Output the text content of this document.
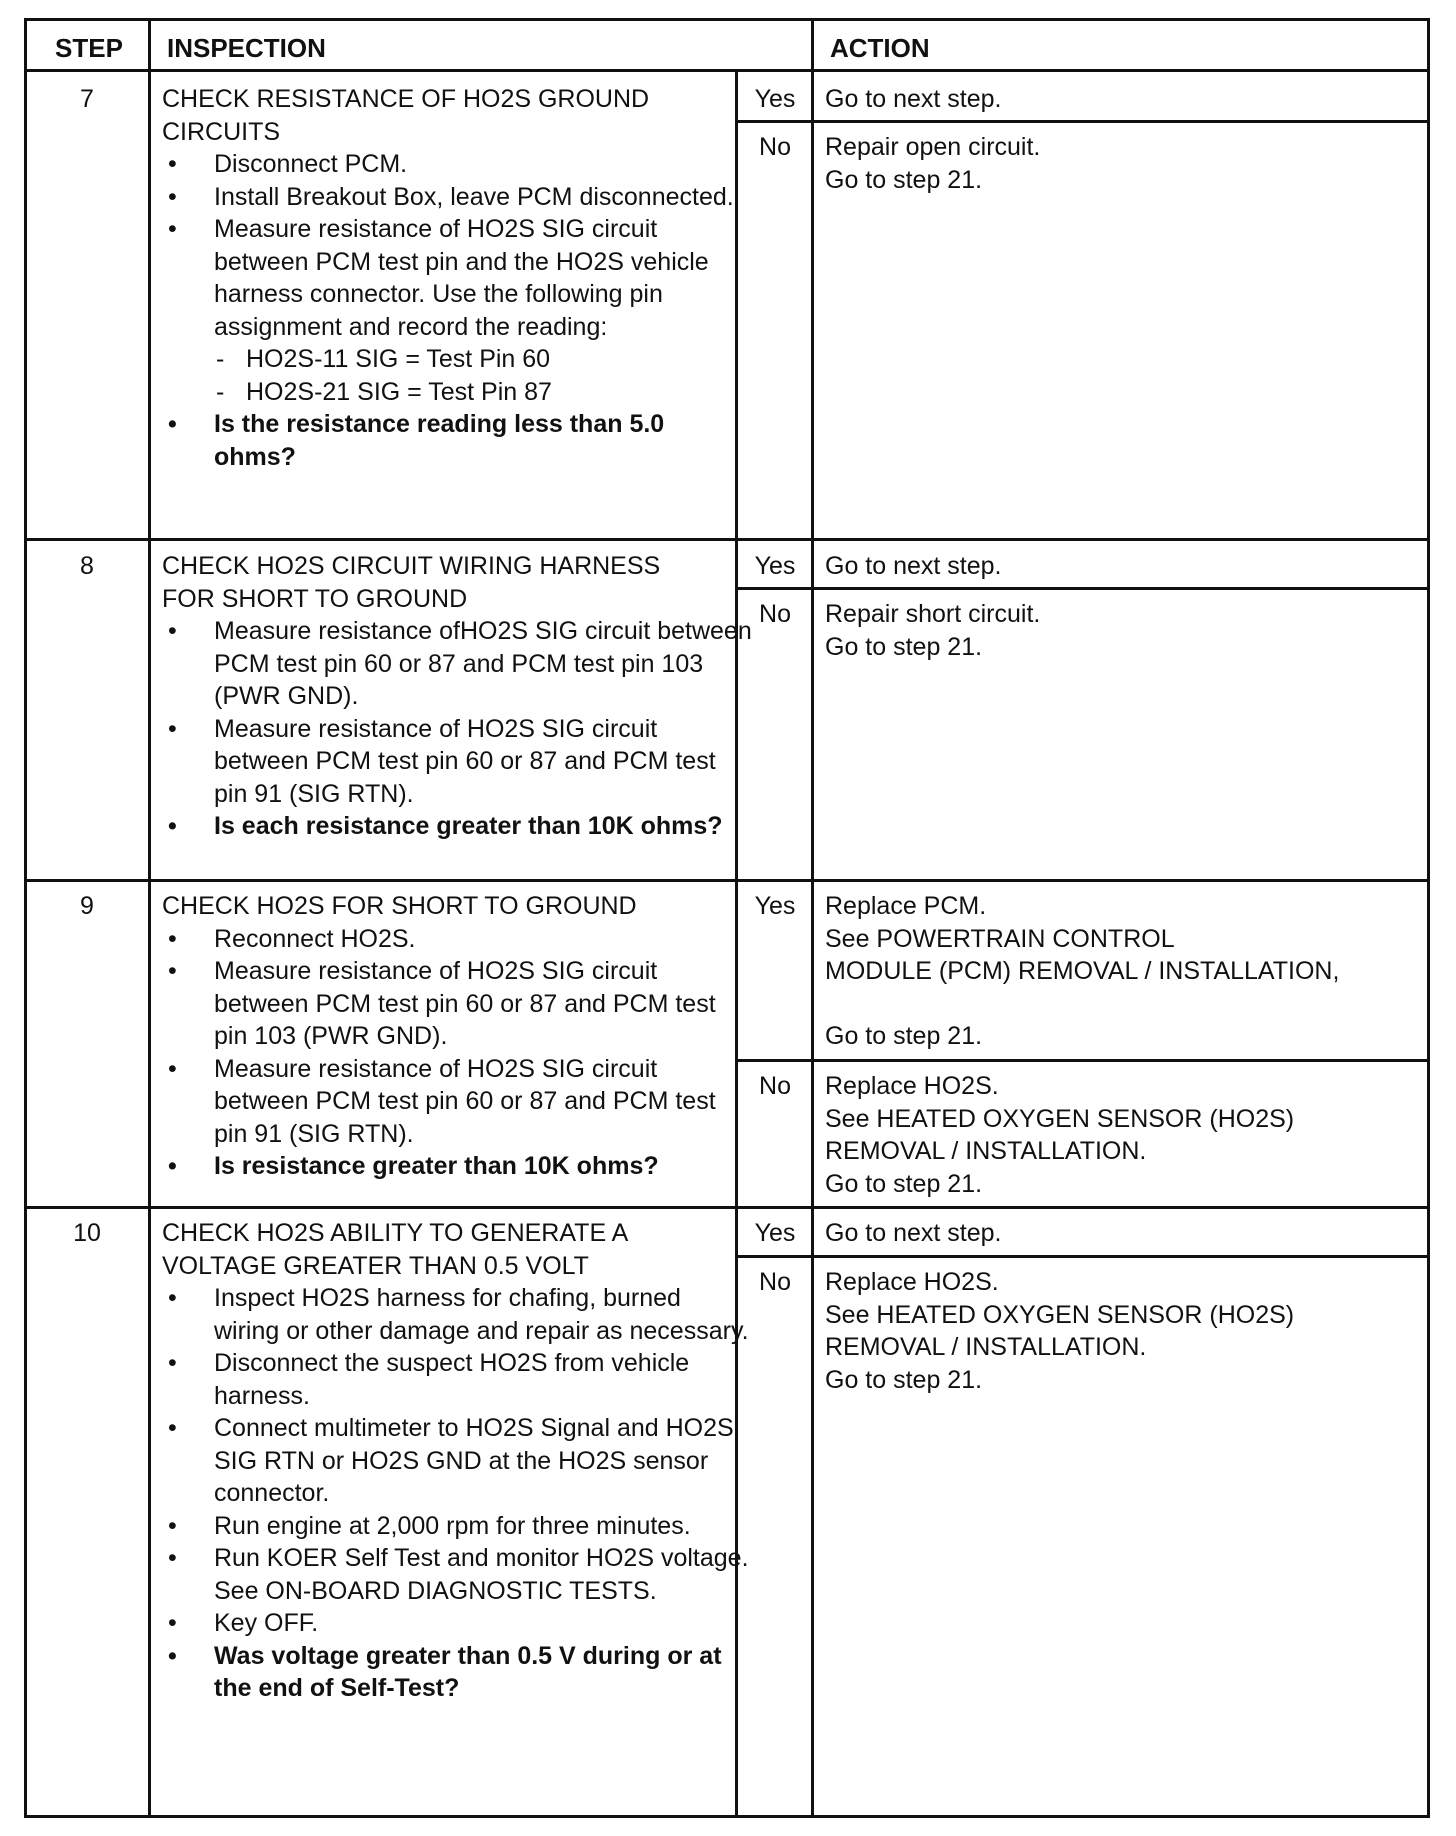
STEP INSPECTION	ACTION
7	CHECK RESISTANCE OF HO2S GROUND
CIRCUITS
• Disconnect PCM.
• Install Breakout Box, leave PCM disconnected.
• Measure resistance of HO2S SIG circuit between PCM test pin and the HO2S vehicle harness connector. Use the following pin assignment and record the reading:
- HO2S-11 SIG = Test Pin 60
- HO2S-21 SIG = Test Pin 87
• Is the resistance reading less than 5.0 ohms?
Yes	Go to next step.
No	Repair open circuit.
Go to step 21.
8	CHECK HO2S CIRCUIT WIRING HARNESS
FOR SHORT TO GROUND
• Measure resistance ofHO2S SIG circuit between PCM test pin 60 or 87 and PCM test pin 103 (PWR GND).
• Measure resistance of HO2S SIG circuit between PCM test pin 60 or 87 and PCM test pin 91 (SIG RTN).
• Is each resistance greater than 10K ohms?
Yes	Go to next step.
No	Repair short circuit.
Go to step 21.
9	CHECK HO2S FOR SHORT TO GROUND
• Reconnect HO2S.
• Measure resistance of HO2S SIG circuit between PCM test pin 60 or 87 and PCM test pin 103 (PWR GND).
• Measure resistance of HO2S SIG circuit between PCM test pin 60 or 87 and PCM test pin 91 (SIG RTN).
• Is resistance greater than 10K ohms?
Yes	Replace PCM.
See POWERTRAIN CONTROL
MODULE (PCM) REMOVAL / INSTALLATION,
Go to step 21.
No	Replace HO2S.
See HEATED OXYGEN SENSOR (HO2S)
REMOVAL / INSTALLATION.
Go to step 21.
10	CHECK HO2S ABILITY TO GENERATE A
VOLTAGE GREATER THAN 0.5 VOLT
• Inspect HO2S harness for chafing, burned wiring or other damage and repair as necessary.
• Disconnect the suspect HO2S from vehicle harness.
• Connect multimeter to HO2S Signal and HO2S SIG RTN or HO2S GND at the HO2S sensor connector.
• Run engine at 2,000 rpm for three minutes.
• Run KOER Self Test and monitor HO2S voltage.
See ON-BOARD DIAGNOSTIC TESTS.
• Key OFF.
• Was voltage greater than 0.5 V during or at the end of Self-Test?
Yes	Go to next step.
No	Replace HO2S.
See HEATED OXYGEN SENSOR (HO2S)
REMOVAL / INSTALLATION.
Go to step 21.
